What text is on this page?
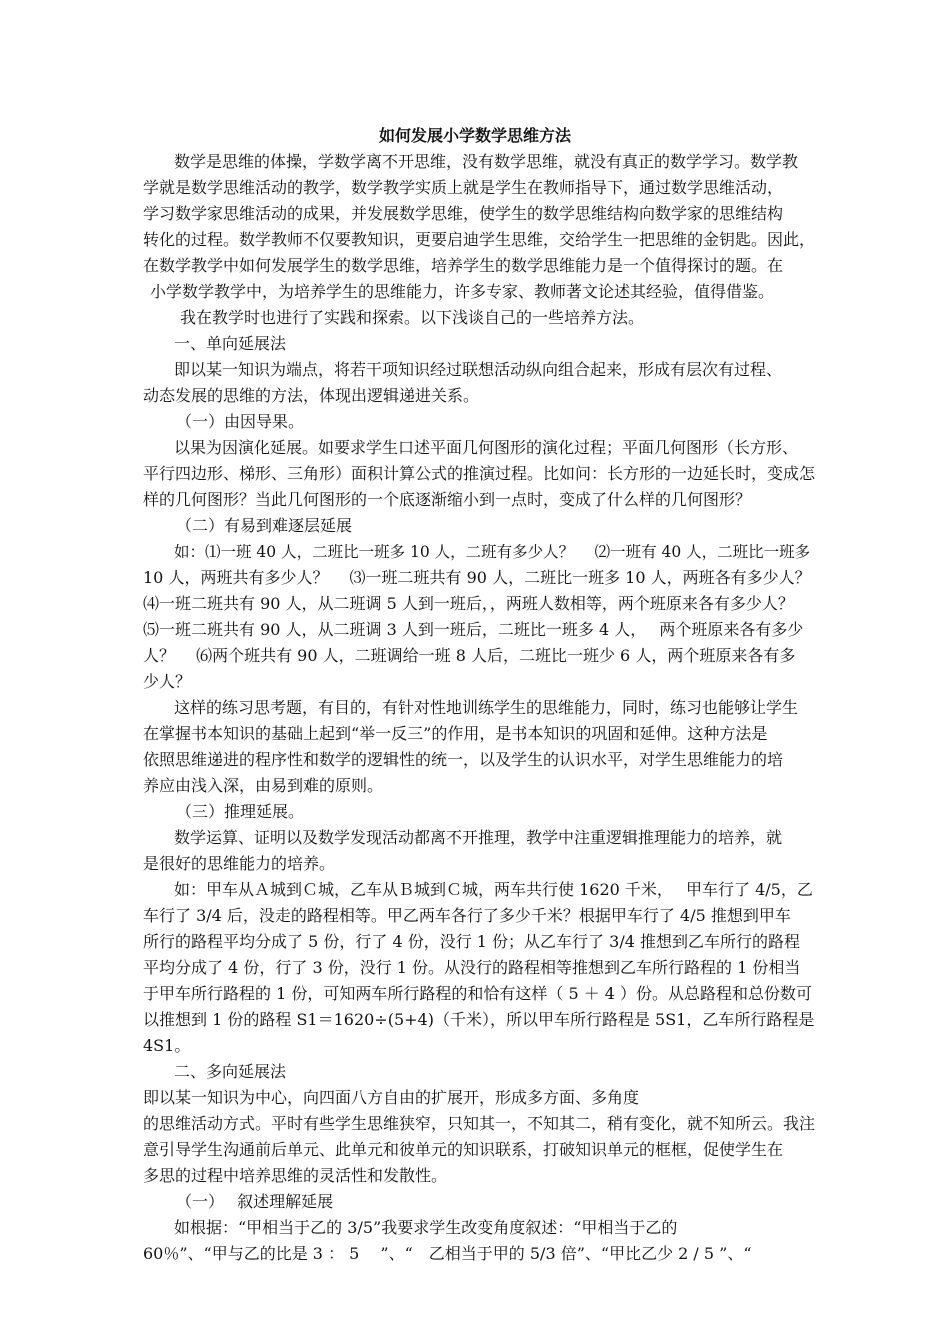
如何发展小学数学思维方法
数学是思维的体操，学数学离不开思维，没有数学思维，就没有真正的数学学习。数学教
学就是数学思维活动的教学，数学教学实质上就是学生在教师指导下，通过数学思维活动，
学习数学家思维活动的成果，并发展数学思维，使学生的数学思维结构向数学家的思维结构
转化的过程。数学教师不仅要教知识，更要启迪学生思维，交给学生一把思维的金钥匙。因此，
在数学教学中如何发展学生的数学思维，培养学生的数学思维能力是一个值得探讨的题。在
小学数学教学中，为培养学生的思维能力，许多专家、教师著文论述其经验，值得借鉴。
我在教学时也进行了实践和探索。以下浅谈自己的一些培养方法。
一、单向延展法
即以某一知识为端点，将若干项知识经过联想活动纵向组合起来，形成有层次有过程、
动态发展的思维的方法，体现出逻辑递进关系。
（一）由因导果。
以果为因演化延展。如要求学生口述平面几何图形的演化过程；平面几何图形（长方形、
平行四边形、梯形、三角形）面积计算公式的推演过程。比如问：长方形的一边延长时，变成怎
样的几何图形？当此几何图形的一个底逐渐缩小到一点时，变成了什么样的几何图形？
（二）有易到难逐层延展
如：⑴一班 40 人，二班比一班多 10 人，二班有多少人？　 ⑵一班有 40 人，二班比一班多
10 人，两班共有多少人？　 ⑶一班二班共有 90 人，二班比一班多 10 人，两班各有多少人？
⑷一班二班共有 90 人，从二班调 5 人到一班后，，两班人数相等，两个班原来各有多少人？
⑸一班二班共有 90 人，从二班调 3 人到一班后，二班比一班多 4 人，　 两个班原来各有多少
人？　 ⑹两个班共有 90 人，二班调给一班 8 人后，二班比一班少 6 人，两个班原来各有多
少人？
这样的练习思考题，有目的，有针对性地训练学生的思维能力，同时，练习也能够让学生
在掌握书本知识的基础上起到“举一反三”的作用，是书本知识的巩固和延伸。这种方法是
依照思维递进的程序性和数学的逻辑性的统一，以及学生的认识水平，对学生思维能力的培
养应由浅入深，由易到难的原则。
（三）推理延展。
数学运算、证明以及数学发现活动都离不开推理，教学中注重逻辑推理能力的培养，就
是很好的思维能力的培养。
如：甲车从Ａ城到Ｃ城，乙车从Ｂ城到Ｃ城，两车共行使 1620 千米，　 甲车行了 4/5，乙
车行了 3/4 后，没走的路程相等。甲乙两车各行了多少千米？根据甲车行了 4/5 推想到甲车
所行的路程平均分成了 5 份，行了 4 份，没行 1 份；从乙车行了 3/4 推想到乙车所行的路程
平均分成了 4 份，行了 3 份，没行 1 份。从没行的路程相等推想到乙车所行路程的 1 份相当
于甲车所行路程的 1 份，可知两车所行路程的和恰有这样（ 5 ＋ 4 ）份。从总路程和总份数可
以推想到 1 份的路程 S1＝1620÷(5+4)（千米），所以甲车所行路程是 5S1，乙车所行路程是
4S1。
二、多向延展法
即以某一知识为中心，向四面八方自由的扩展开，形成多方面、多角度
的思维活动方式。平时有些学生思维狭窄，只知其一，不知其二，稍有变化，就不知所云。我注
意引导学生沟通前后单元、此单元和彼单元的知识联系，打破知识单元的框框，促使学生在
多思的过程中培养思维的灵活性和发散性。
（一）　 叙述理解延展
如根据：“甲相当于乙的 3/5”我要求学生改变角度叙述：“甲相当于乙的
60％”、“甲与乙的比是 3 ： 5　 ”、“　乙相当于甲的 5/3 倍”、“甲比乙少 2 / 5 ”、“
